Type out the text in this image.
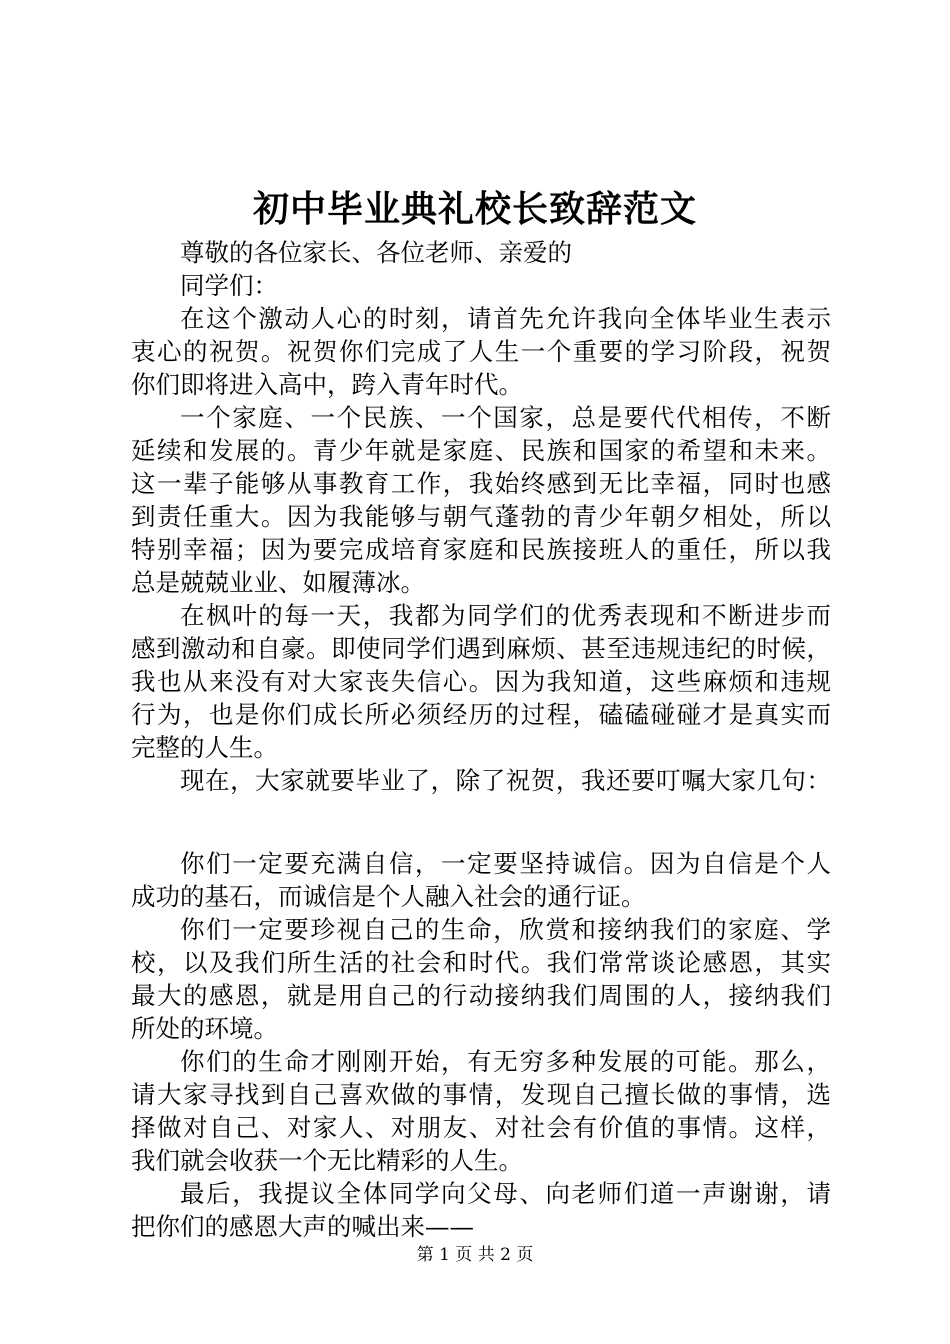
初中毕业典礼校长致辞范文
尊敬的各位家长、各位老师、亲爱的
同学们：
在这个激动人心的时刻，请首先允许我向全体毕业生表示
衷心的祝贺。祝贺你们完成了人生一个重要的学习阶段，祝贺
你们即将进入高中，跨入青年时代。
一个家庭、一个民族、一个国家，总是要代代相传，不断
延续和发展的。青少年就是家庭、民族和国家的希望和未来。
这一辈子能够从事教育工作，我始终感到无比幸福，同时也感
到责任重大。因为我能够与朝气蓬勃的青少年朝夕相处，所以
特别幸福；因为要完成培育家庭和民族接班人的重任，所以我
总是兢兢业业、如履薄冰。
在枫叶的每一天，我都为同学们的优秀表现和不断进步而
感到激动和自豪。即使同学们遇到麻烦、甚至违规违纪的时候，
我也从来没有对大家丧失信心。因为我知道，这些麻烦和违规
行为，也是你们成长所必须经历的过程，磕磕碰碰才是真实而
完整的人生。
现在，大家就要毕业了，除了祝贺，我还要叮嘱大家几句：
你们一定要充满自信，一定要坚持诚信。因为自信是个人
成功的基石，而诚信是个人融入社会的通行证。
你们一定要珍视自己的生命，欣赏和接纳我们的家庭、学
校，以及我们所生活的社会和时代。我们常常谈论感恩，其实
最大的感恩，就是用自己的行动接纳我们周围的人，接纳我们
所处的环境。
你们的生命才刚刚开始，有无穷多种发展的可能。那么，
请大家寻找到自己喜欢做的事情，发现自己擅长做的事情，选
择做对自己、对家人、对朋友、对社会有价值的事情。这样，
我们就会收获一个无比精彩的人生。
最后，我提议全体同学向父母、向老师们道一声谢谢，请
把你们的感恩大声的喊出来——
第 1 页 共 2 页
